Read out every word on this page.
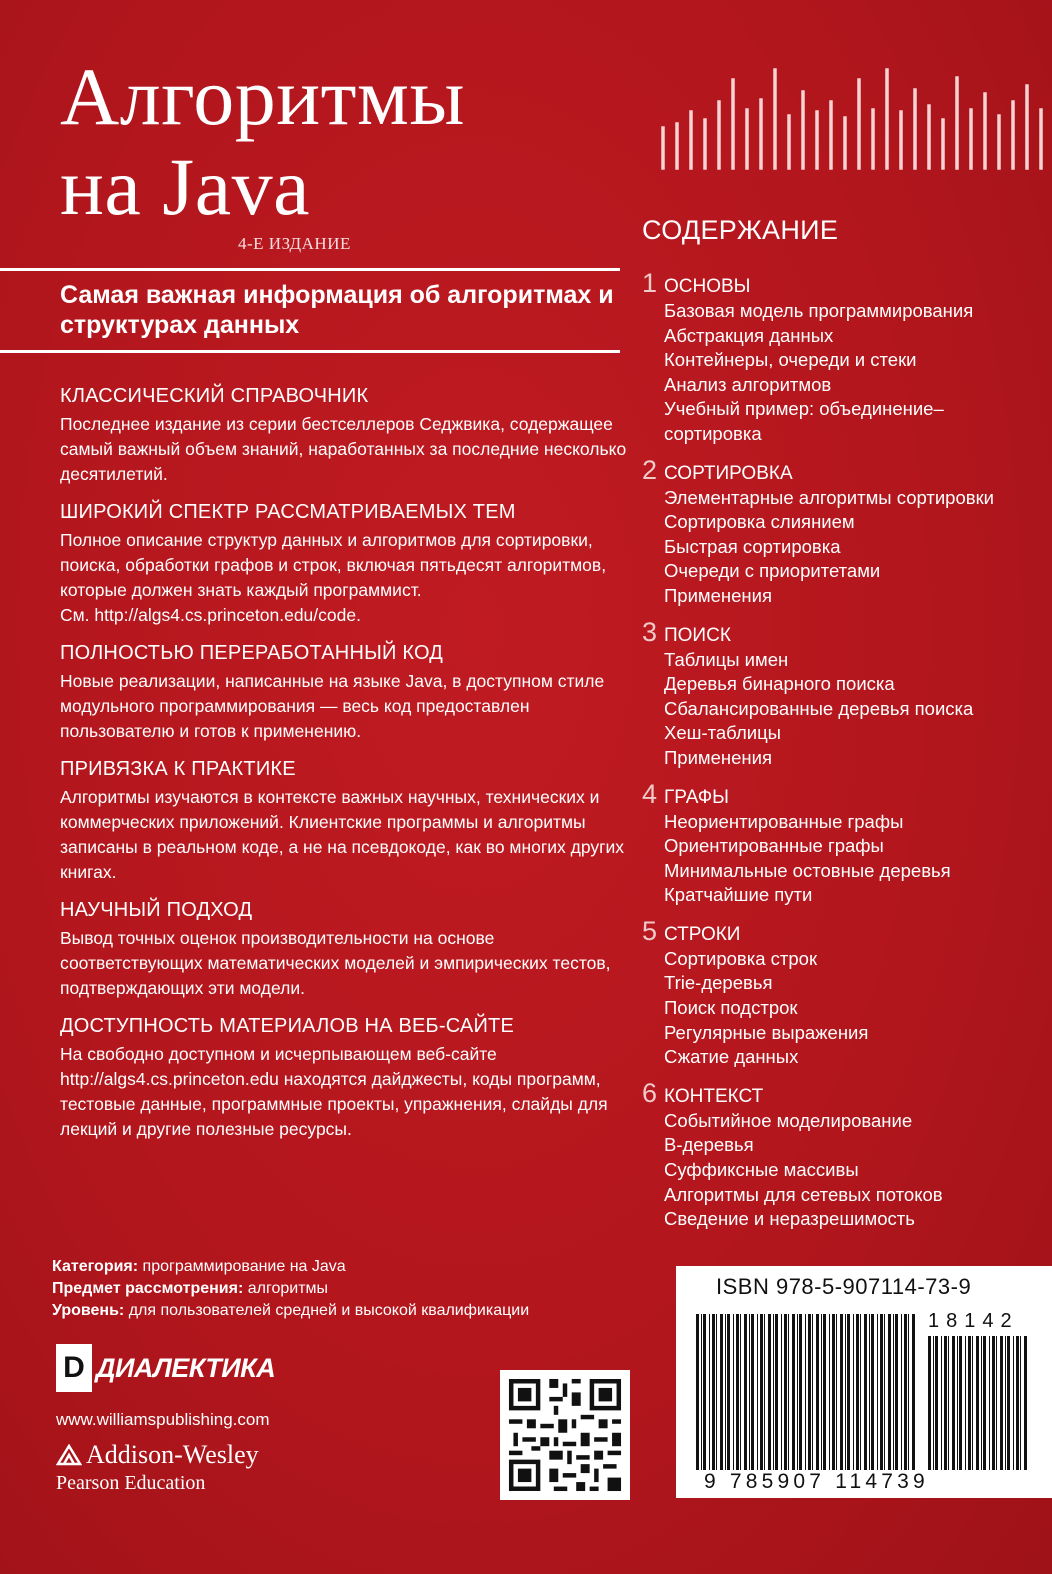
Алгоритмы
на Java
4-Е ИЗДАНИЕ
Самая важная информация об алгоритмах и структурах данных
КЛАССИЧЕСКИЙ СПРАВОЧНИК

Последнее издание из серии бестселлеров Седжвика, содержащее самый важный объем знаний, наработанных за последние несколько десятилетий.

ШИРОКИЙ СПЕКТР РАССМАТРИВАЕМЫХ ТЕМ

Полное описание структур данных и алгоритмов для сортировки, поиска, обработки графов и строк, включая пятьдесят алгоритмов, которые должен знать каждый программист.

См. http://algs4.cs.princeton.edu/code.

ПОЛНОСТЬЮ ПЕРЕРАБОТАННЫЙ КОД

Новые реализации, написанные на языке Java, в доступном стиле модульного программирования — весь код предоставлен пользователю и готов к применению.

ПРИВЯЗКА К ПРАКТИКЕ

Алгоритмы изучаются в контексте важных научных, технических и коммерческих приложений. Клиентские программы и алгоритмы записаны в реальном коде, а не на псевдокоде, как во многих других книгах.

НАУЧНЫЙ ПОДХОД

Вывод точных оценок производительности на основе соответствующих математических моделей и эмпирических тестов, подтверждающих эти модели.

ДОСТУПНОСТЬ МАТЕРИАЛОВ НА ВЕБ-САЙТЕ

На свободно доступном и исчерпывающем веб-сайте http://algs4.cs.princeton.edu находятся дайджесты, коды программ, тестовые данные, программные проекты, упражнения, слайды для лекций и другие полезные ресурсы.

Категория: программирование на Java
Предмет рассмотрения: алгоритмы
Уровень: для пользователей средней и высокой квалификации
D ДИАЛЕКТИКА
www.williamspublishing.com
Addison-Wesley
Pearson Education
СОДЕРЖАНИЕ
1 ОСНОВЫ
Базовая модель программирования
Абстракция данных
Контейнеры, очереди и стеки
Анализ алгоритмов
Учебный пример: объединение–
сортировка
2 СОРТИРОВКА
Элементарные алгоритмы сортировки
Сортировка слиянием
Быстрая сортировка
Очереди с приоритетами
Применения
3 ПОИСК
Таблицы имен
Деревья бинарного поиска
Сбалансированные деревья поиска
Хеш-таблицы
Применения
4 ГРАФЫ
Неориентированные графы
Ориентированные графы
Минимальные остовные деревья
Кратчайшие пути
5 СТРОКИ
Сортировка строк
Trie-деревья
Поиск подстрок
Регулярные выражения
Сжатие данных
6 КОНТЕКСТ
Событийное моделирование
B-деревья
Суффиксные массивы
Алгоритмы для сетевых потоков
Сведение и неразрешимость
ISBN 978-5-907114-73-9
18142
9 785907 114739
